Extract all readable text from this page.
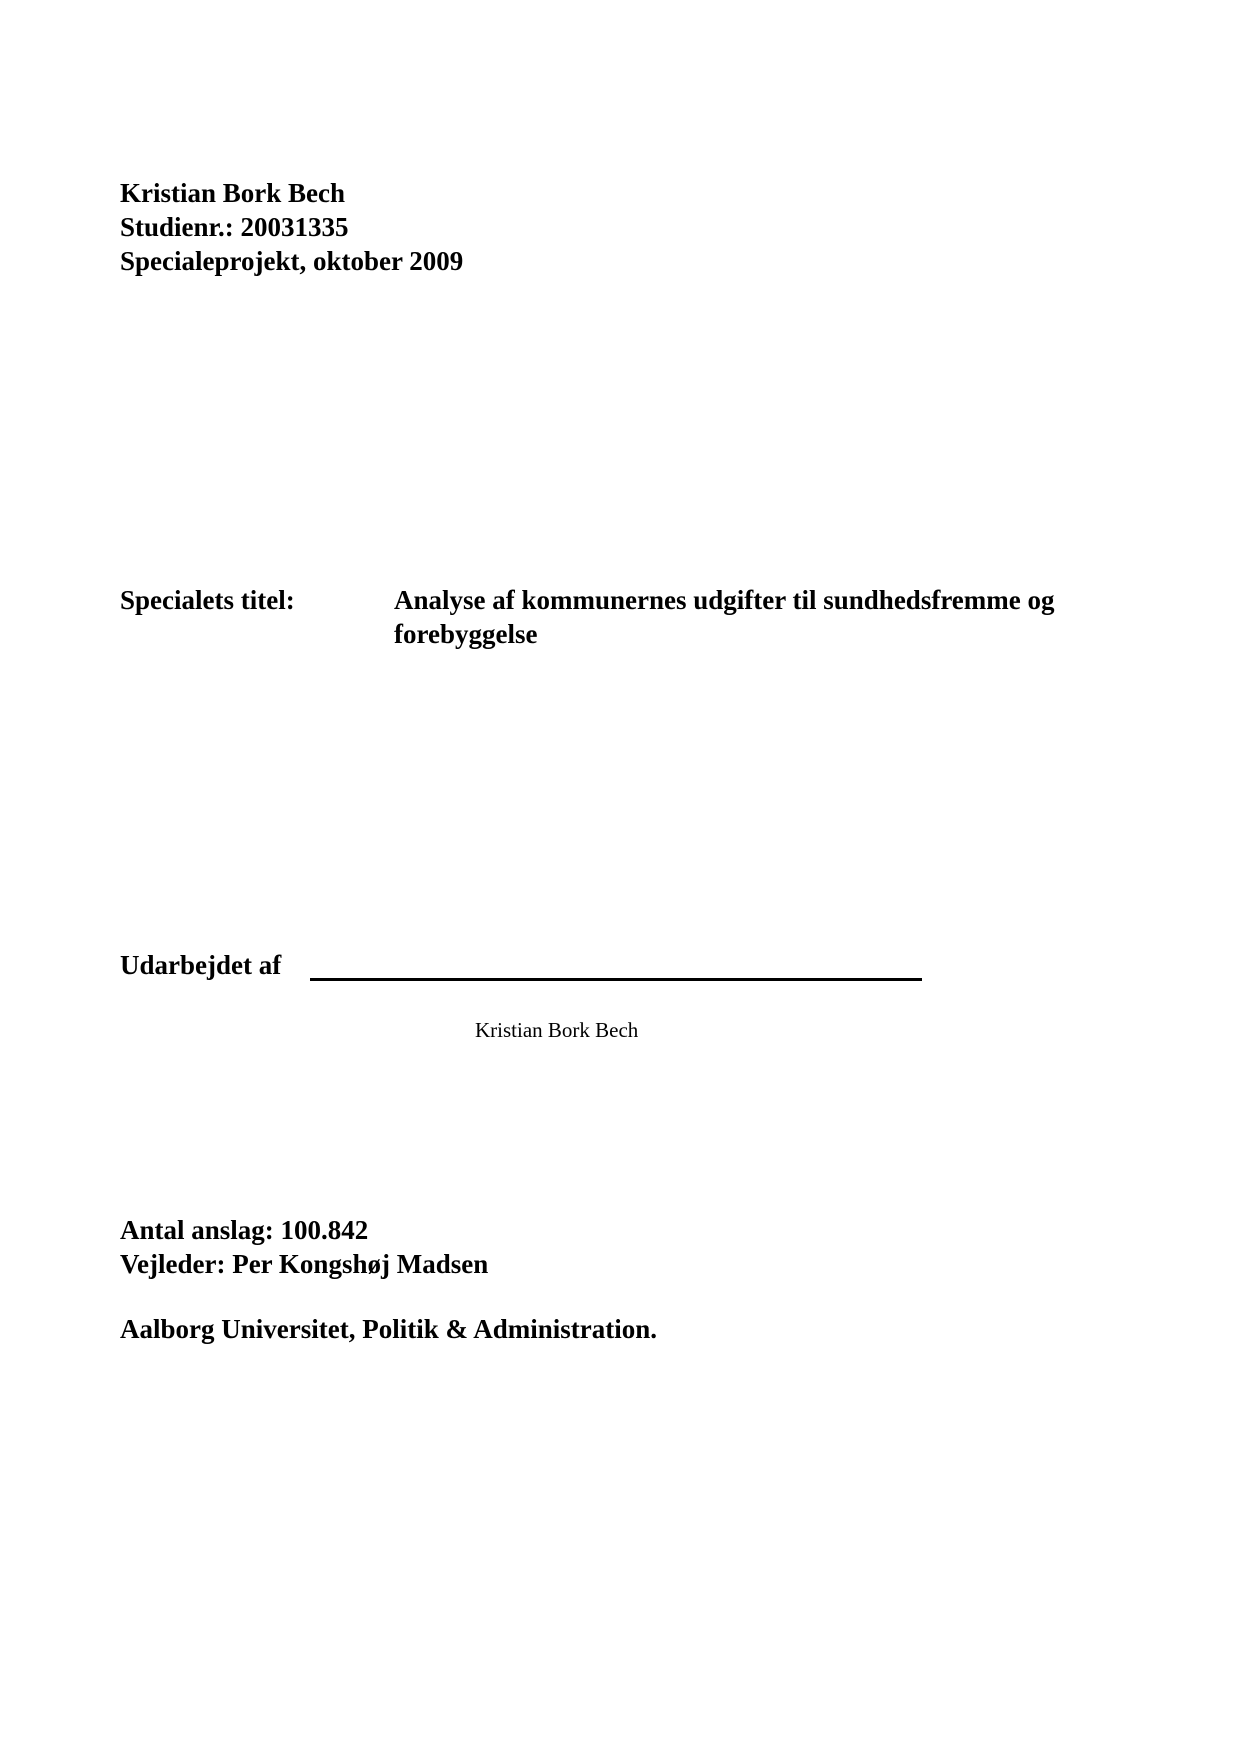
Kristian Bork Bech
Studienr.: 20031335
Specialeprojekt, oktober 2009
Specialets titel:	Analyse af kommunernes udgifter til sundhedsfremme og
forebyggelse
Udarbejdet af
Kristian Bork Bech
Antal anslag: 100.842
Vejleder: Per Kongshøj Madsen
Aalborg Universitet, Politik & Administration.
